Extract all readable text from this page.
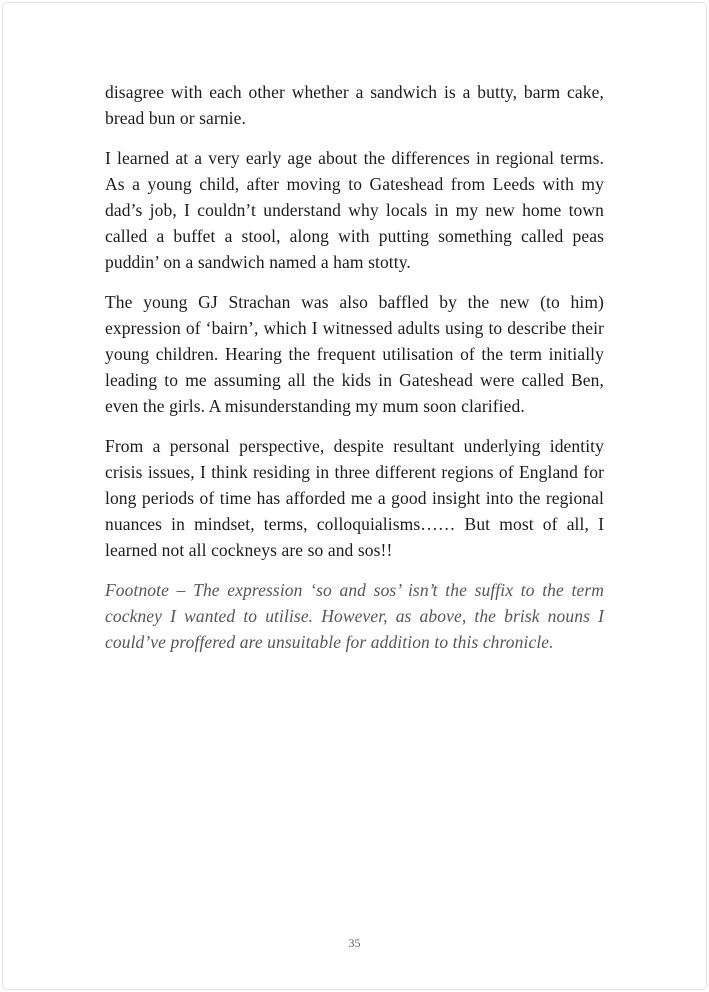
disagree with each other whether a sandwich is a butty, barm cake, bread bun or sarnie.

I learned at a very early age about the differences in regional terms. As a young child, after moving to Gateshead from Leeds with my dad’s job, I couldn’t understand why locals in my new home town called a buffet a stool, along with putting something called peas puddin’ on a sandwich named a ham stotty.

The young GJ Strachan was also baffled by the new (to him) expression of ‘bairn’, which I witnessed adults using to describe their young children. Hearing the frequent utilisation of the term initially leading to me assuming all the kids in Gateshead were called Ben, even the girls. A misunderstanding my mum soon clarified.

From a personal perspective, despite resultant underlying identity crisis issues, I think residing in three different regions of England for long periods of time has afforded me a good insight into the regional nuances in mindset, terms, colloquialisms…… But most of all, I learned not all cockneys are so and sos!!

Footnote – The expression ‘so and sos’ isn’t the suffix to the term cockney I wanted to utilise. However, as above, the brisk nouns I could’ve proffered are unsuitable for addition to this chronicle.

35
